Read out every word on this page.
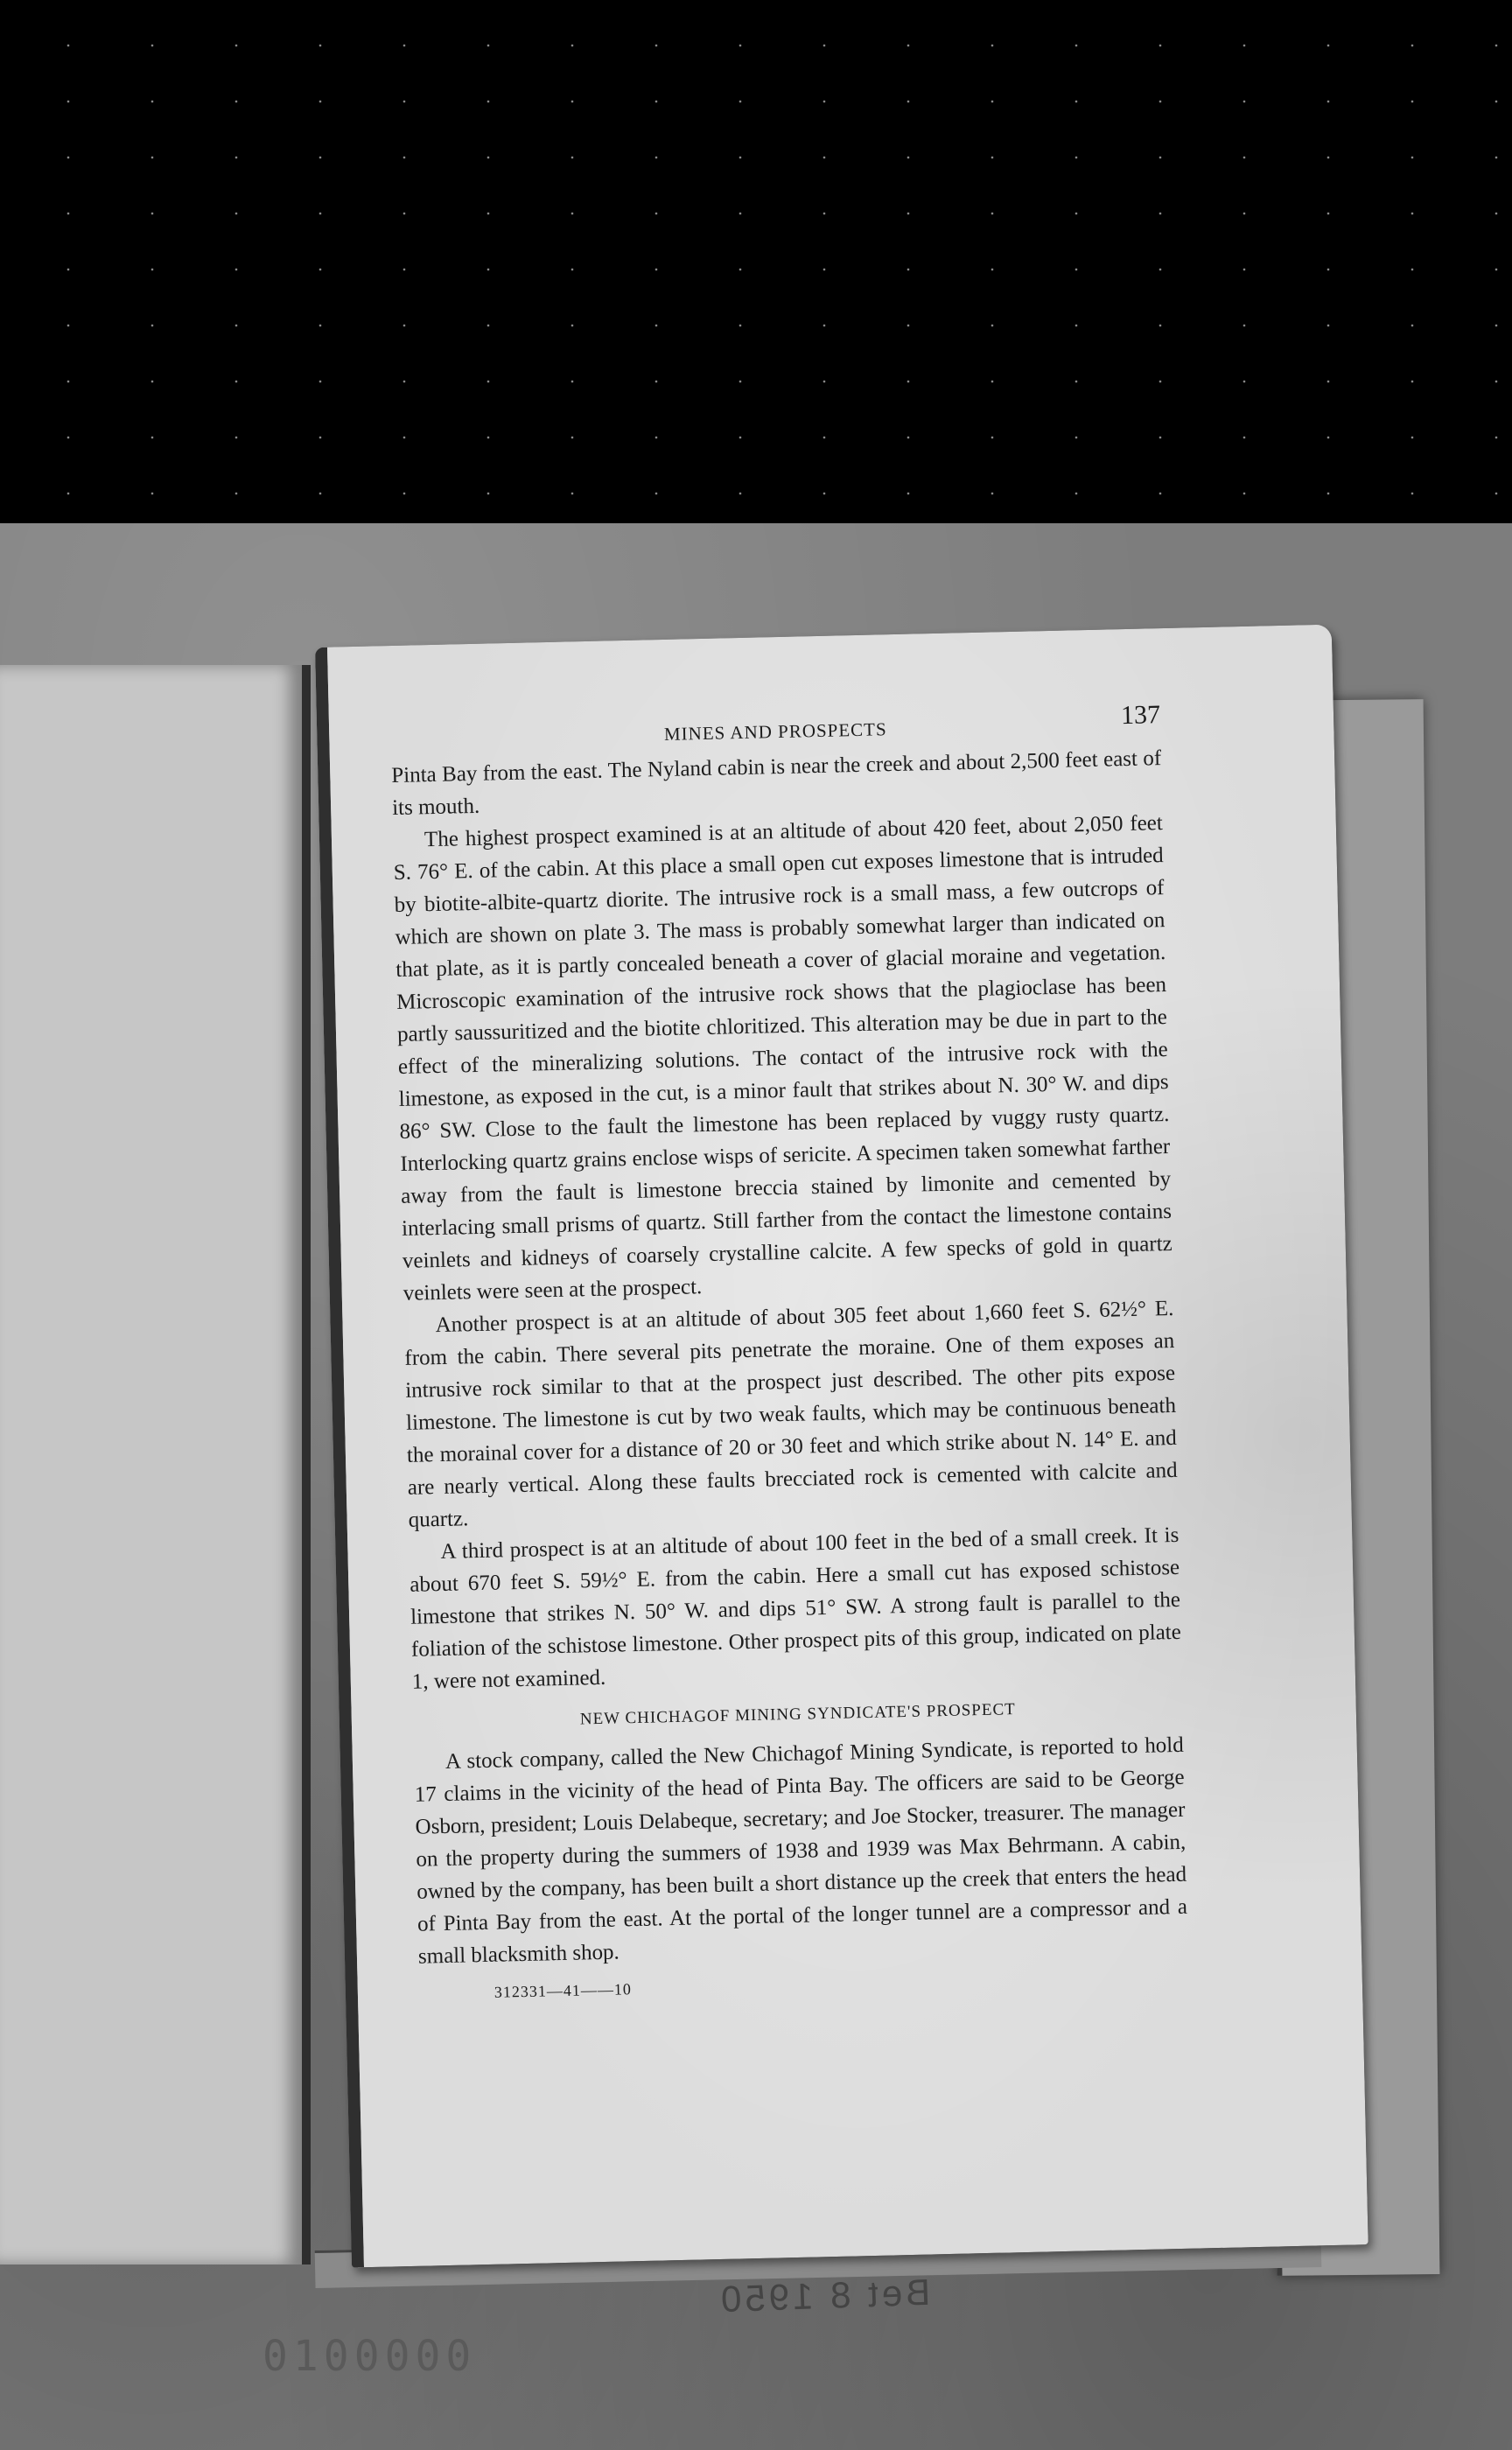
Bet 8 1950
0100000
MINES AND PROSPECTS
137

Pinta Bay from the east. The Nyland cabin is near the creek and about 2,500 feet east of its mouth.

The highest prospect examined is at an altitude of about 420 feet, about 2,050 feet S. 76° E. of the cabin. At this place a small open cut exposes limestone that is intruded by biotite-albite-quartz diorite. The intrusive rock is a small mass, a few outcrops of which are shown on plate 3. The mass is probably somewhat larger than indicated on that plate, as it is partly concealed beneath a cover of glacial moraine and vegetation. Microscopic examination of the intrusive rock shows that the plagioclase has been partly saussuritized and the biotite chloritized. This alteration may be due in part to the effect of the mineralizing solutions. The contact of the intrusive rock with the limestone, as exposed in the cut, is a minor fault that strikes about N. 30° W. and dips 86° SW. Close to the fault the limestone has been replaced by vuggy rusty quartz. Interlocking quartz grains enclose wisps of sericite. A specimen taken somewhat farther away from the fault is limestone breccia stained by limonite and cemented by interlacing small prisms of quartz. Still farther from the contact the limestone contains veinlets and kidneys of coarsely crystalline calcite. A few specks of gold in quartz veinlets were seen at the prospect.

Another prospect is at an altitude of about 305 feet about 1,660 feet S. 62½° E. from the cabin. There several pits penetrate the moraine. One of them exposes an intrusive rock similar to that at the prospect just described. The other pits expose limestone. The limestone is cut by two weak faults, which may be continuous beneath the morainal cover for a distance of 20 or 30 feet and which strike about N. 14° E. and are nearly vertical. Along these faults brecciated rock is cemented with calcite and quartz.

A third prospect is at an altitude of about 100 feet in the bed of a small creek. It is about 670 feet S. 59½° E. from the cabin. Here a small cut has exposed schistose limestone that strikes N. 50° W. and dips 51° SW. A strong fault is parallel to the foliation of the schistose limestone. Other prospect pits of this group, indicated on plate 1, were not examined.

NEW CHICHAGOF MINING SYNDICATE'S PROSPECT

A stock company, called the New Chichagof Mining Syndicate, is reported to hold 17 claims in the vicinity of the head of Pinta Bay. The officers are said to be George Osborn, president; Louis Delabeque, secretary; and Joe Stocker, treasurer. The manager on the property during the summers of 1938 and 1939 was Max Behrmann. A cabin, owned by the company, has been built a short distance up the creek that enters the head of Pinta Bay from the east. At the portal of the longer tunnel are a compressor and a small blacksmith shop.

312331—41——10
